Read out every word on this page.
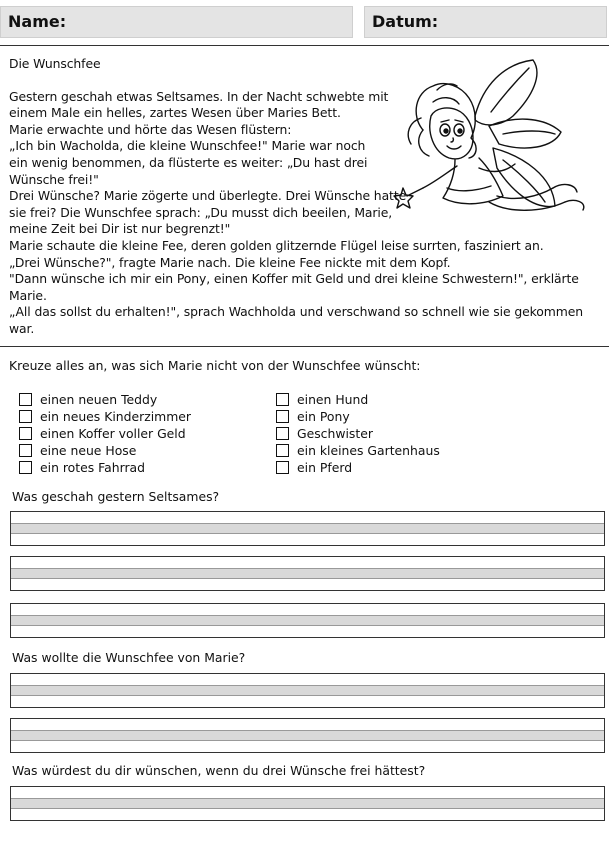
Name:	Datum:
Die Wunschfee
Gestern geschah etwas Seltsames. In der Nacht schwebte mit
einem Male ein helles, zartes Wesen über Maries Bett.
Marie erwachte und hörte das Wesen flüstern:
„Ich bin Wacholda, die kleine Wunschfee!" Marie war noch
ein wenig benommen, da flüsterte es weiter: „Du hast drei
Wünsche frei!"
Drei Wünsche? Marie zögerte und überlegte. Drei Wünsche hatte
sie frei? Die Wunschfee sprach: „Du musst dich beeilen, Marie,
meine Zeit bei Dir ist nur begrenzt!"
Marie schaute die kleine Fee, deren golden glitzernde Flügel leise surrten, fasziniert an.
„Drei Wünsche?", fragte Marie nach. Die kleine Fee nickte mit dem Kopf.
"Dann wünsche ich mir ein Pony, einen Koffer mit Geld und drei kleine Schwestern!", erklärte
Marie.
„All das sollst du erhalten!", sprach Wachholda und verschwand so schnell wie sie gekommen
war.
Kreuze alles an, was sich Marie nicht von der Wunschfee wünscht:
einen neuen Teddy
ein neues Kinderzimmer
einen Koffer voller Geld
eine neue Hose
ein rotes Fahrrad
einen Hund
ein Pony
Geschwister
ein kleines Gartenhaus
ein Pferd
Was geschah gestern Seltsames?
Was wollte die Wunschfee von Marie?
Was würdest du dir wünschen, wenn du drei Wünsche frei hättest?
